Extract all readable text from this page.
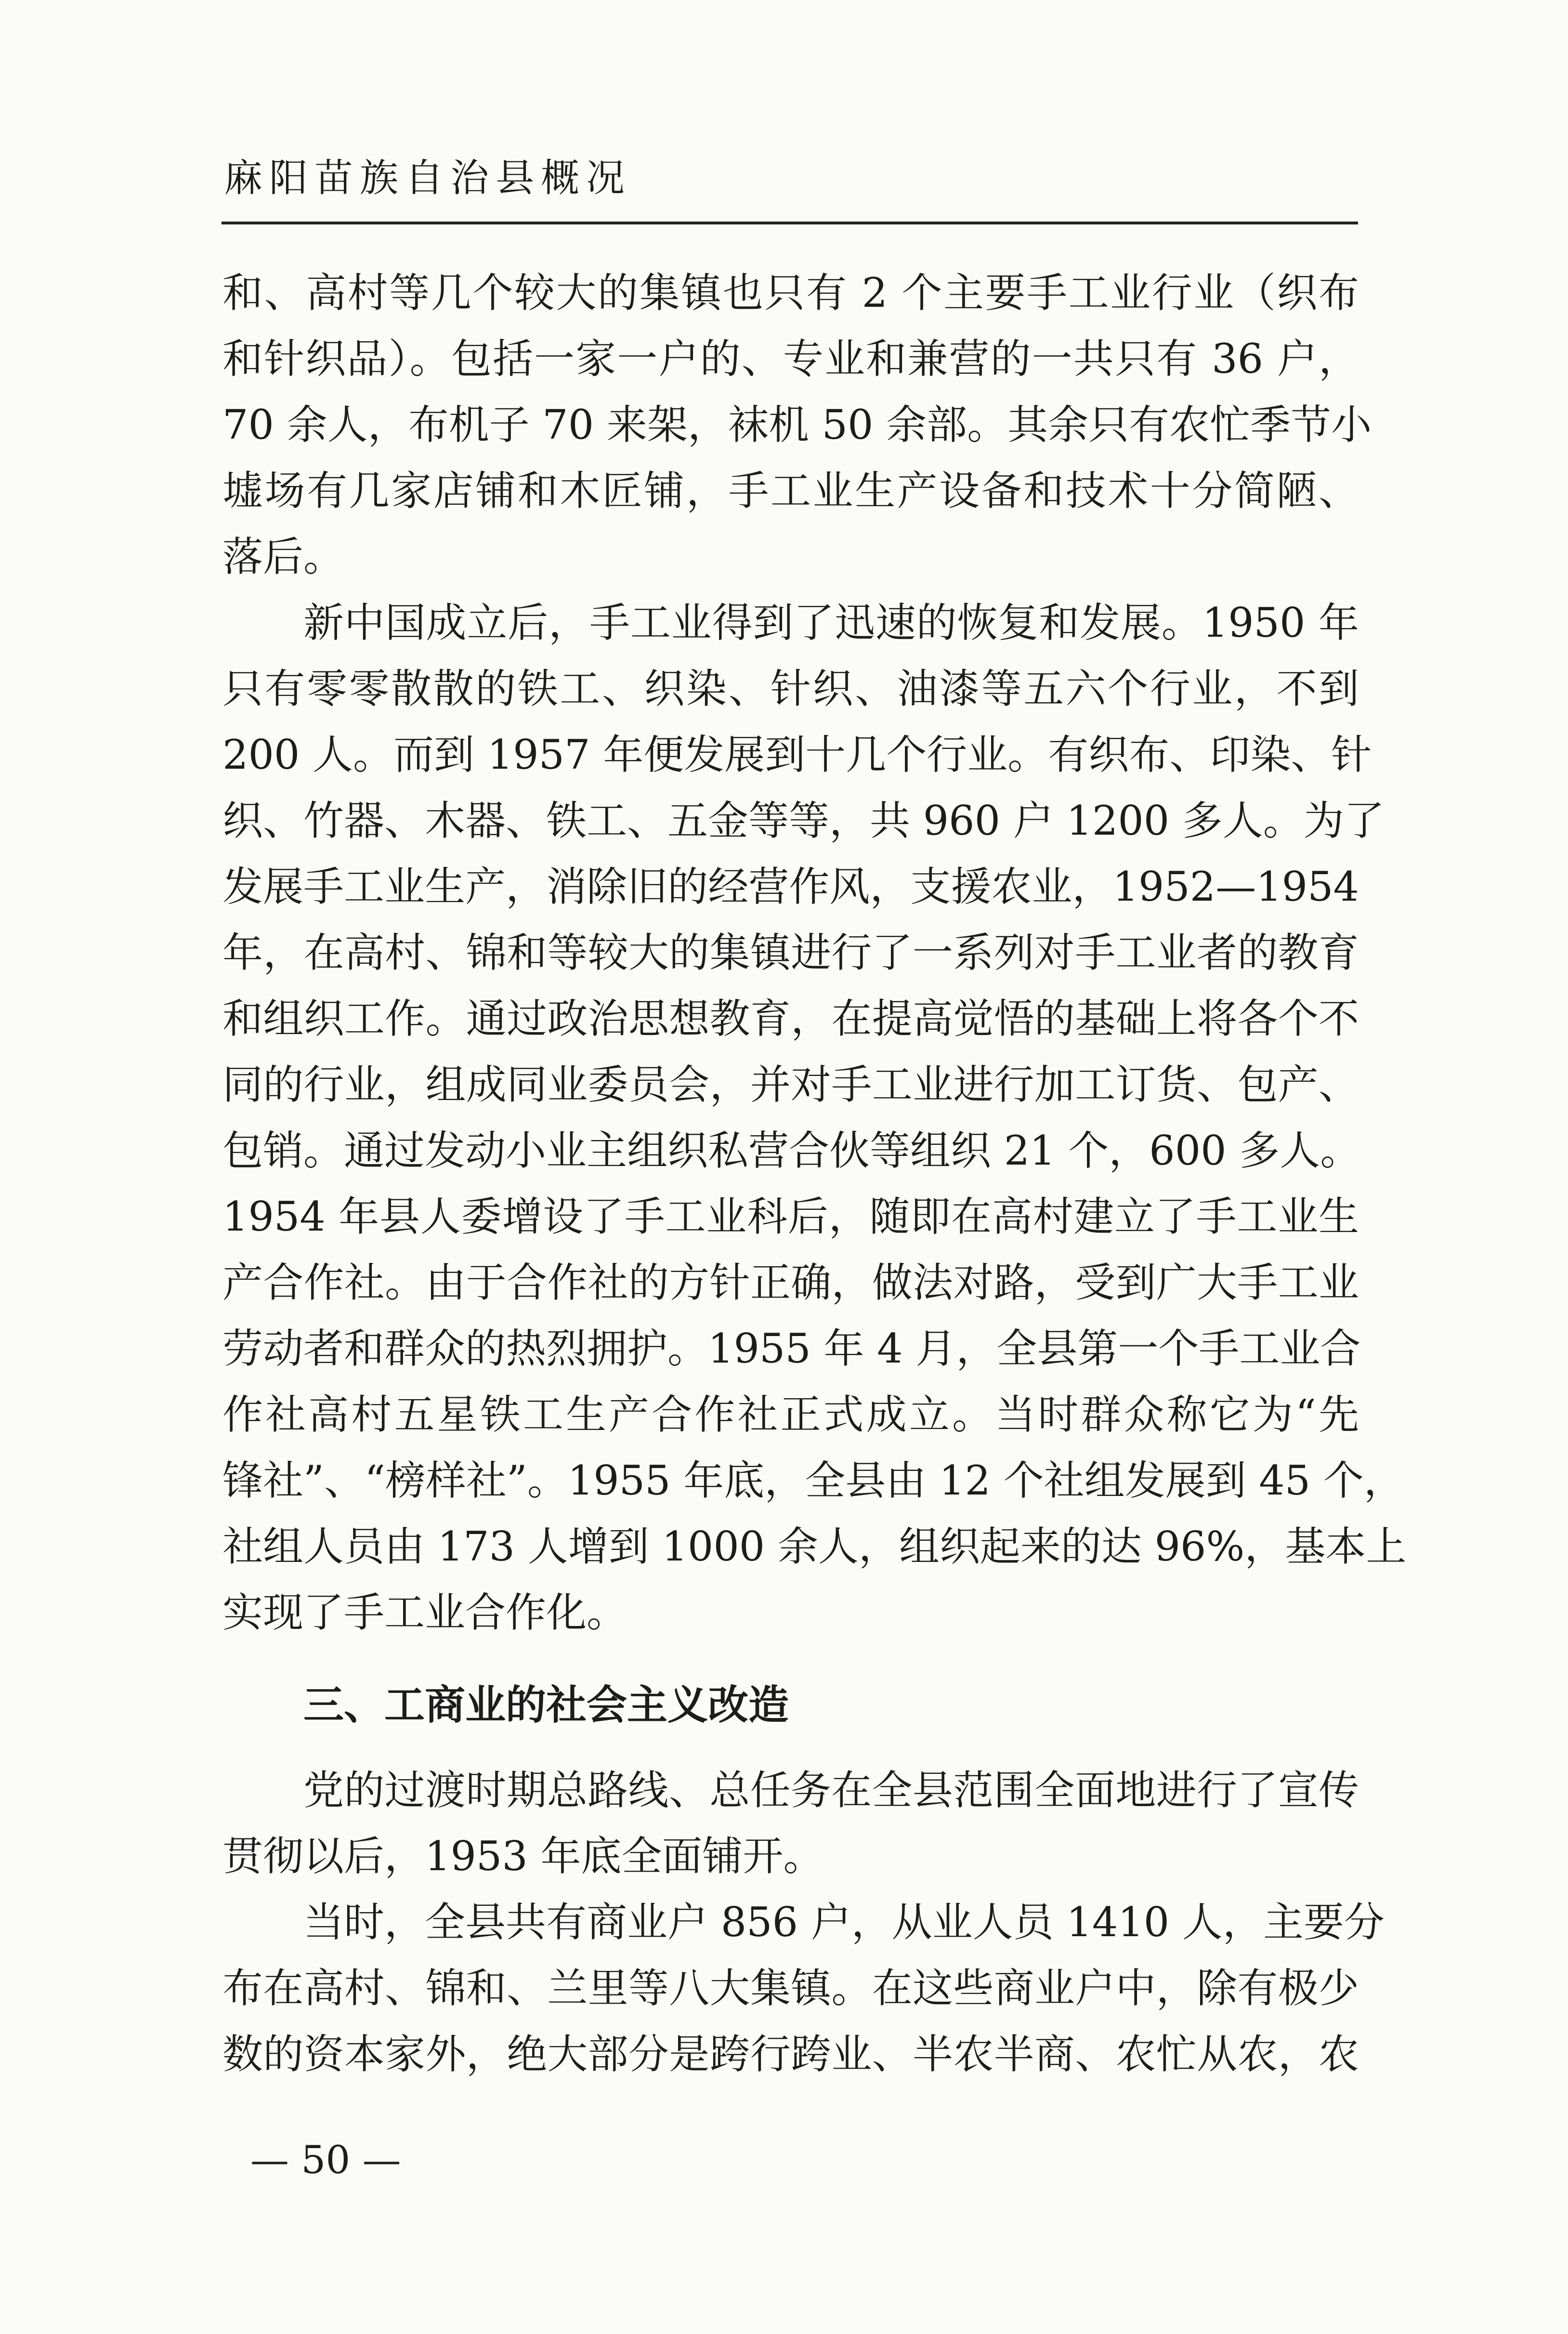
麻阳苗族自治县概况
和、高村等几个较大的集镇也只有 2 个主要手工业行业（织布
和针织品）。包括一家一户的、专业和兼营的一共只有 36 户，
70 余人，布机子 70 来架，袜机 50 余部。其余只有农忙季节小
墟场有几家店铺和木匠铺，手工业生产设备和技术十分简陋、
落后。
新中国成立后，手工业得到了迅速的恢复和发展。1950 年
只有零零散散的铁工、织染、针织、油漆等五六个行业，不到
200 人。而到 1957 年便发展到十几个行业。有织布、印染、针
织、竹器、木器、铁工、五金等等，共 960 户 1200 多人。为了
发展手工业生产，消除旧的经营作风，支援农业，1952—1954
年，在高村、锦和等较大的集镇进行了一系列对手工业者的教育
和组织工作。通过政治思想教育，在提高觉悟的基础上将各个不
同的行业，组成同业委员会，并对手工业进行加工订货、包产、
包销。通过发动小业主组织私营合伙等组织 21 个，600 多人。
1954 年县人委增设了手工业科后，随即在高村建立了手工业生
产合作社。由于合作社的方针正确，做法对路，受到广大手工业
劳动者和群众的热烈拥护。1955 年 4 月，全县第一个手工业合
作社高村五星铁工生产合作社正式成立。当时群众称它为“先
锋社”、“榜样社”。1955 年底，全县由 12 个社组发展到 45 个，
社组人员由 173 人增到 1000 余人，组织起来的达 96%，基本上
实现了手工业合作化。
三、工商业的社会主义改造
党的过渡时期总路线、总任务在全县范围全面地进行了宣传
贯彻以后，1953 年底全面铺开。
当时，全县共有商业户 856 户，从业人员 1410 人，主要分
布在高村、锦和、兰里等八大集镇。在这些商业户中，除有极少
数的资本家外，绝大部分是跨行跨业、半农半商、农忙从农，农
— 50 —
